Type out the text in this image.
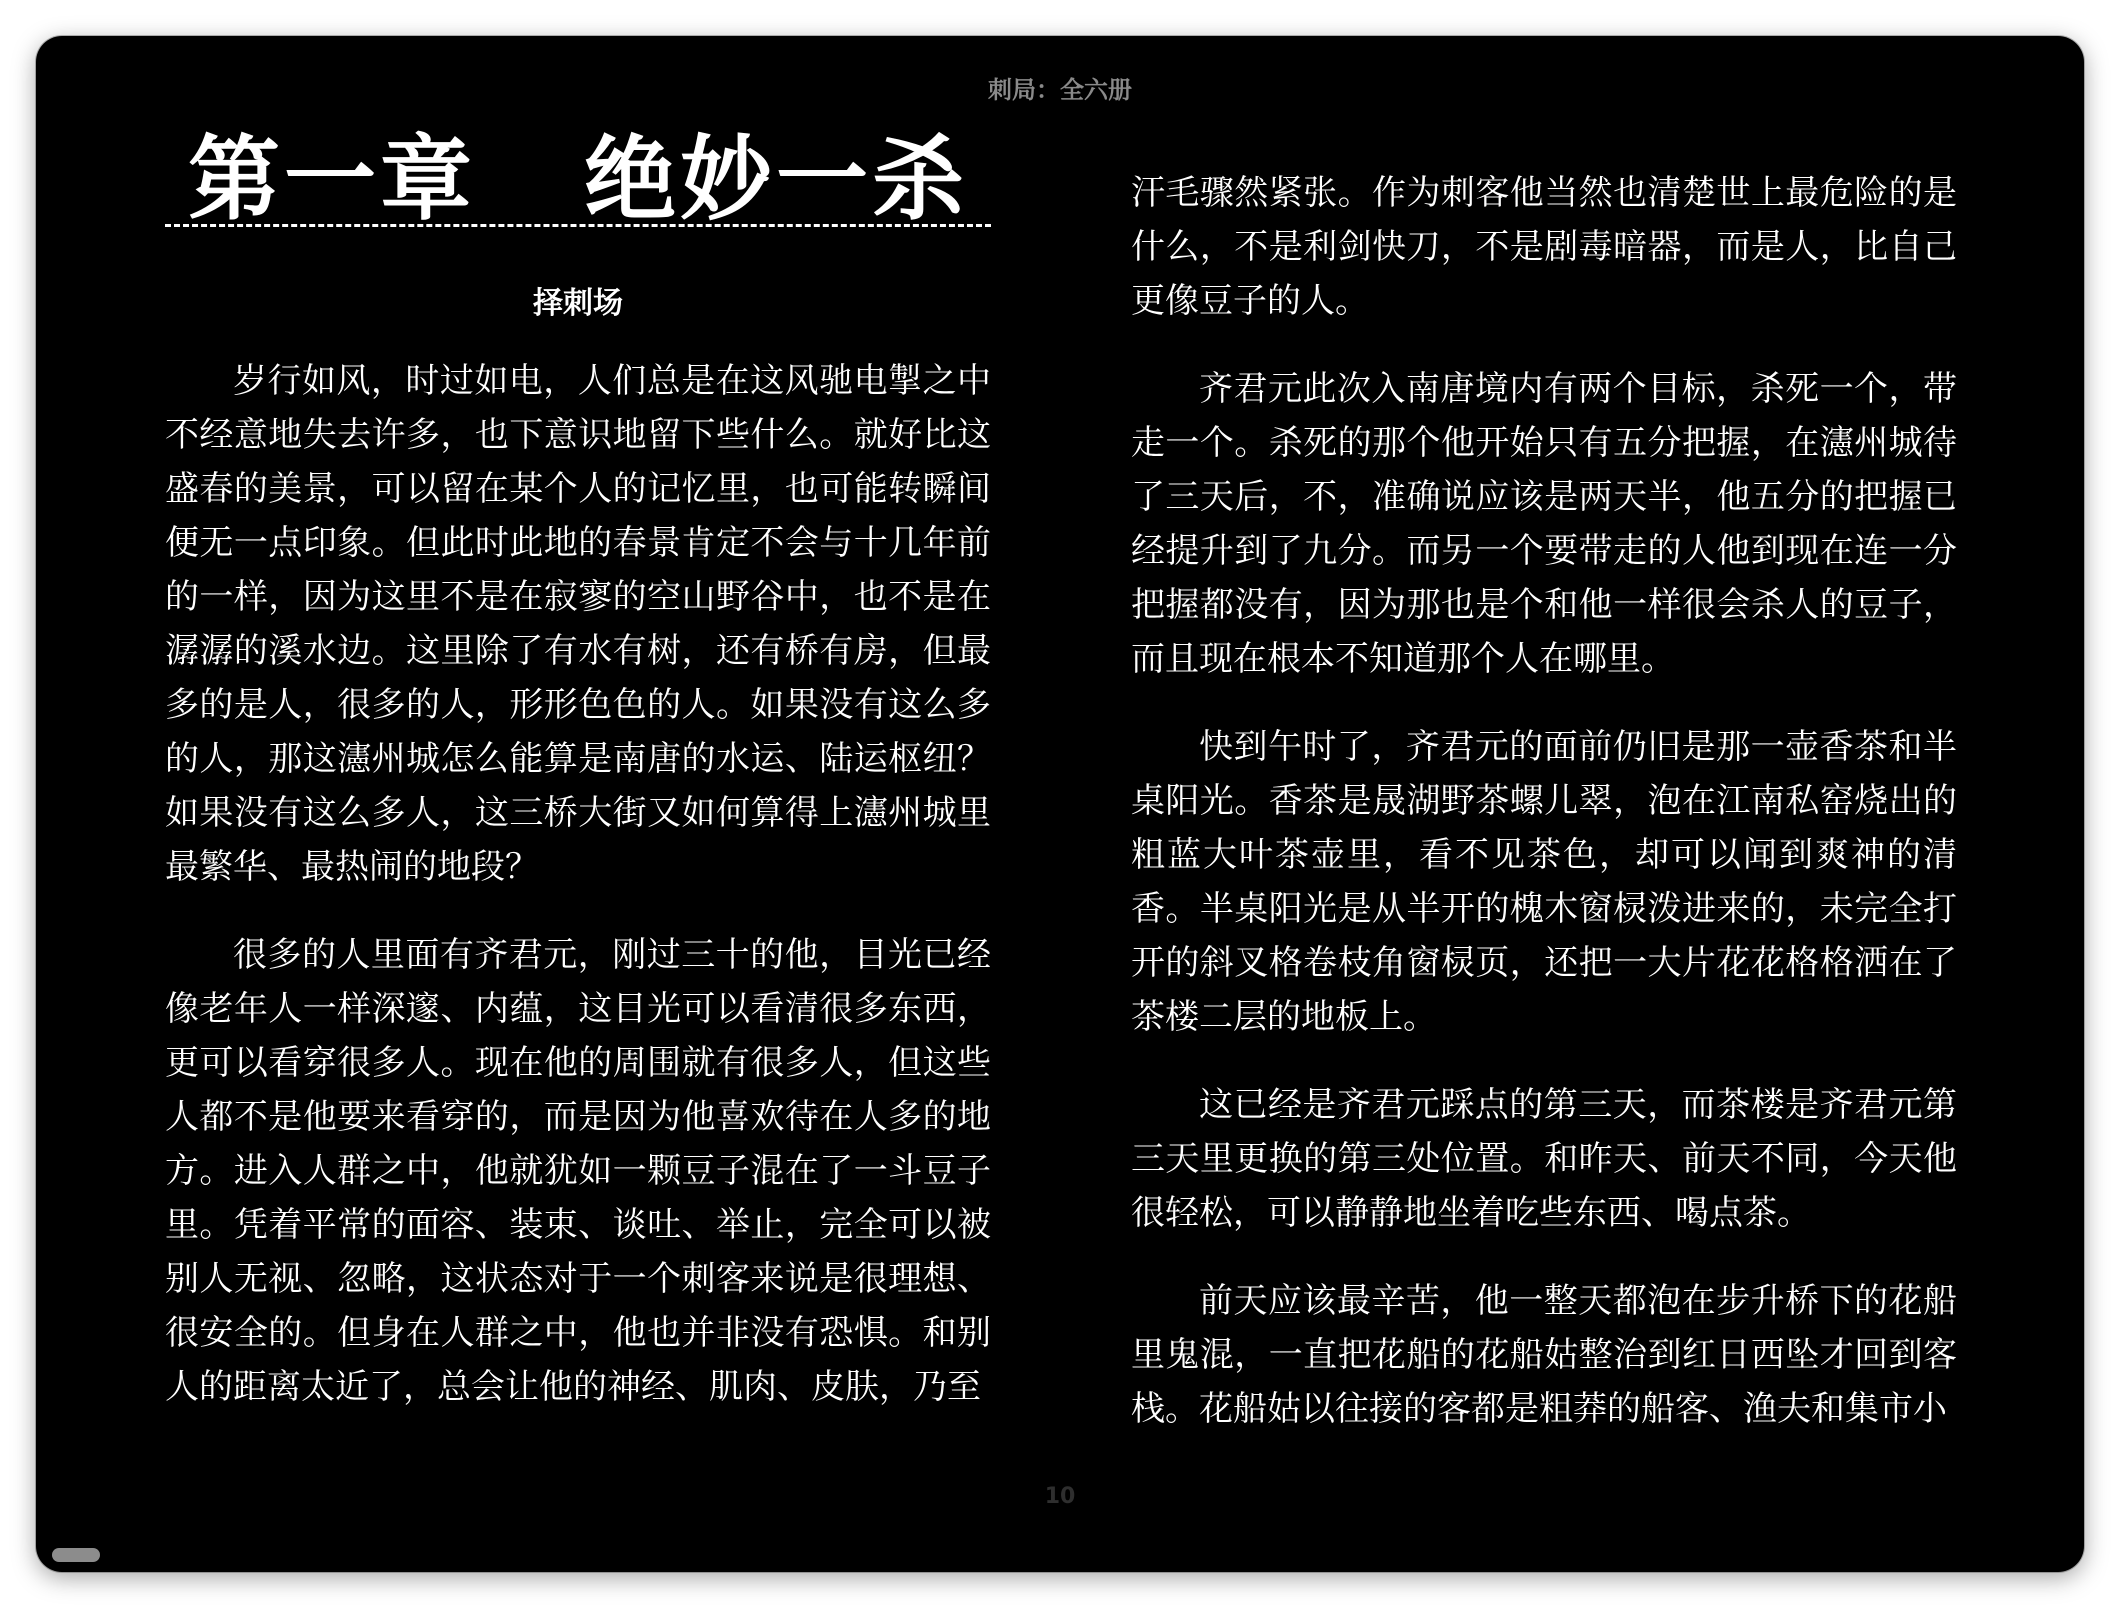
刺局：全六册
第一章   绝妙一杀
择刺场

岁行如风，时过如电，人们总是在这风驰电掣之中不经意地失去许多，也下意识地留下些什么。就好比这盛春的美景，可以留在某个人的记忆里，也可能转瞬间便无一点印象。但此时此地的春景肯定不会与十几年前的一样，因为这里不是在寂寥的空山野谷中，也不是在潺潺的溪水边。这里除了有水有树，还有桥有房，但最多的是人，很多的人，形形色色的人。如果没有这么多的人，那这瀗州城怎么能算是南唐的水运、陆运枢纽？如果没有这么多人，这三桥大街又如何算得上瀗州城里最繁华、最热闹的地段？

很多的人里面有齐君元，刚过三十的他，目光已经像老年人一样深邃、内蕴，这目光可以看清很多东西，更可以看穿很多人。现在他的周围就有很多人，但这些人都不是他要来看穿的，而是因为他喜欢待在人多的地方。进入人群之中，他就犹如一颗豆子混在了一斗豆子里。凭着平常的面容、装束、谈吐、举止，完全可以被别人无视、忽略，这状态对于一个刺客来说是很理想、很安全的。但身在人群之中，他也并非没有恐惧。和别人的距离太近了，总会让他的神经、肌肉、皮肤，乃至

汗毛骤然紧张。作为刺客他当然也清楚世上最危险的是什么，不是利剑快刀，不是剧毒暗器，而是人，比自己更像豆子的人。

齐君元此次入南唐境内有两个目标，杀死一个，带走一个。杀死的那个他开始只有五分把握，在瀗州城待了三天后，不，准确说应该是两天半，他五分的把握已经提升到了九分。而另一个要带走的人他到现在连一分把握都没有，因为那也是个和他一样很会杀人的豆子，而且现在根本不知道那个人在哪里。

快到午时了，齐君元的面前仍旧是那一壶香茶和半桌阳光。香茶是晟湖野茶螺儿翠，泡在江南私窑烧出的粗蓝大叶茶壶里，看不见茶色，却可以闻到爽神的清香。半桌阳光是从半开的槐木窗棂泼进来的，未完全打开的斜叉格卷枝角窗棂页，还把一大片花花格格洒在了茶楼二层的地板上。

这已经是齐君元踩点的第三天，而茶楼是齐君元第三天里更换的第三处位置。和昨天、前天不同，今天他很轻松，可以静静地坐着吃些东西、喝点茶。

前天应该最辛苦，他一整天都泡在步升桥下的花船里鬼混，一直把花船的花船姑整治到红日西坠才回到客栈。花船姑以往接的客都是粗莽的船客、渔夫和集市小

10
